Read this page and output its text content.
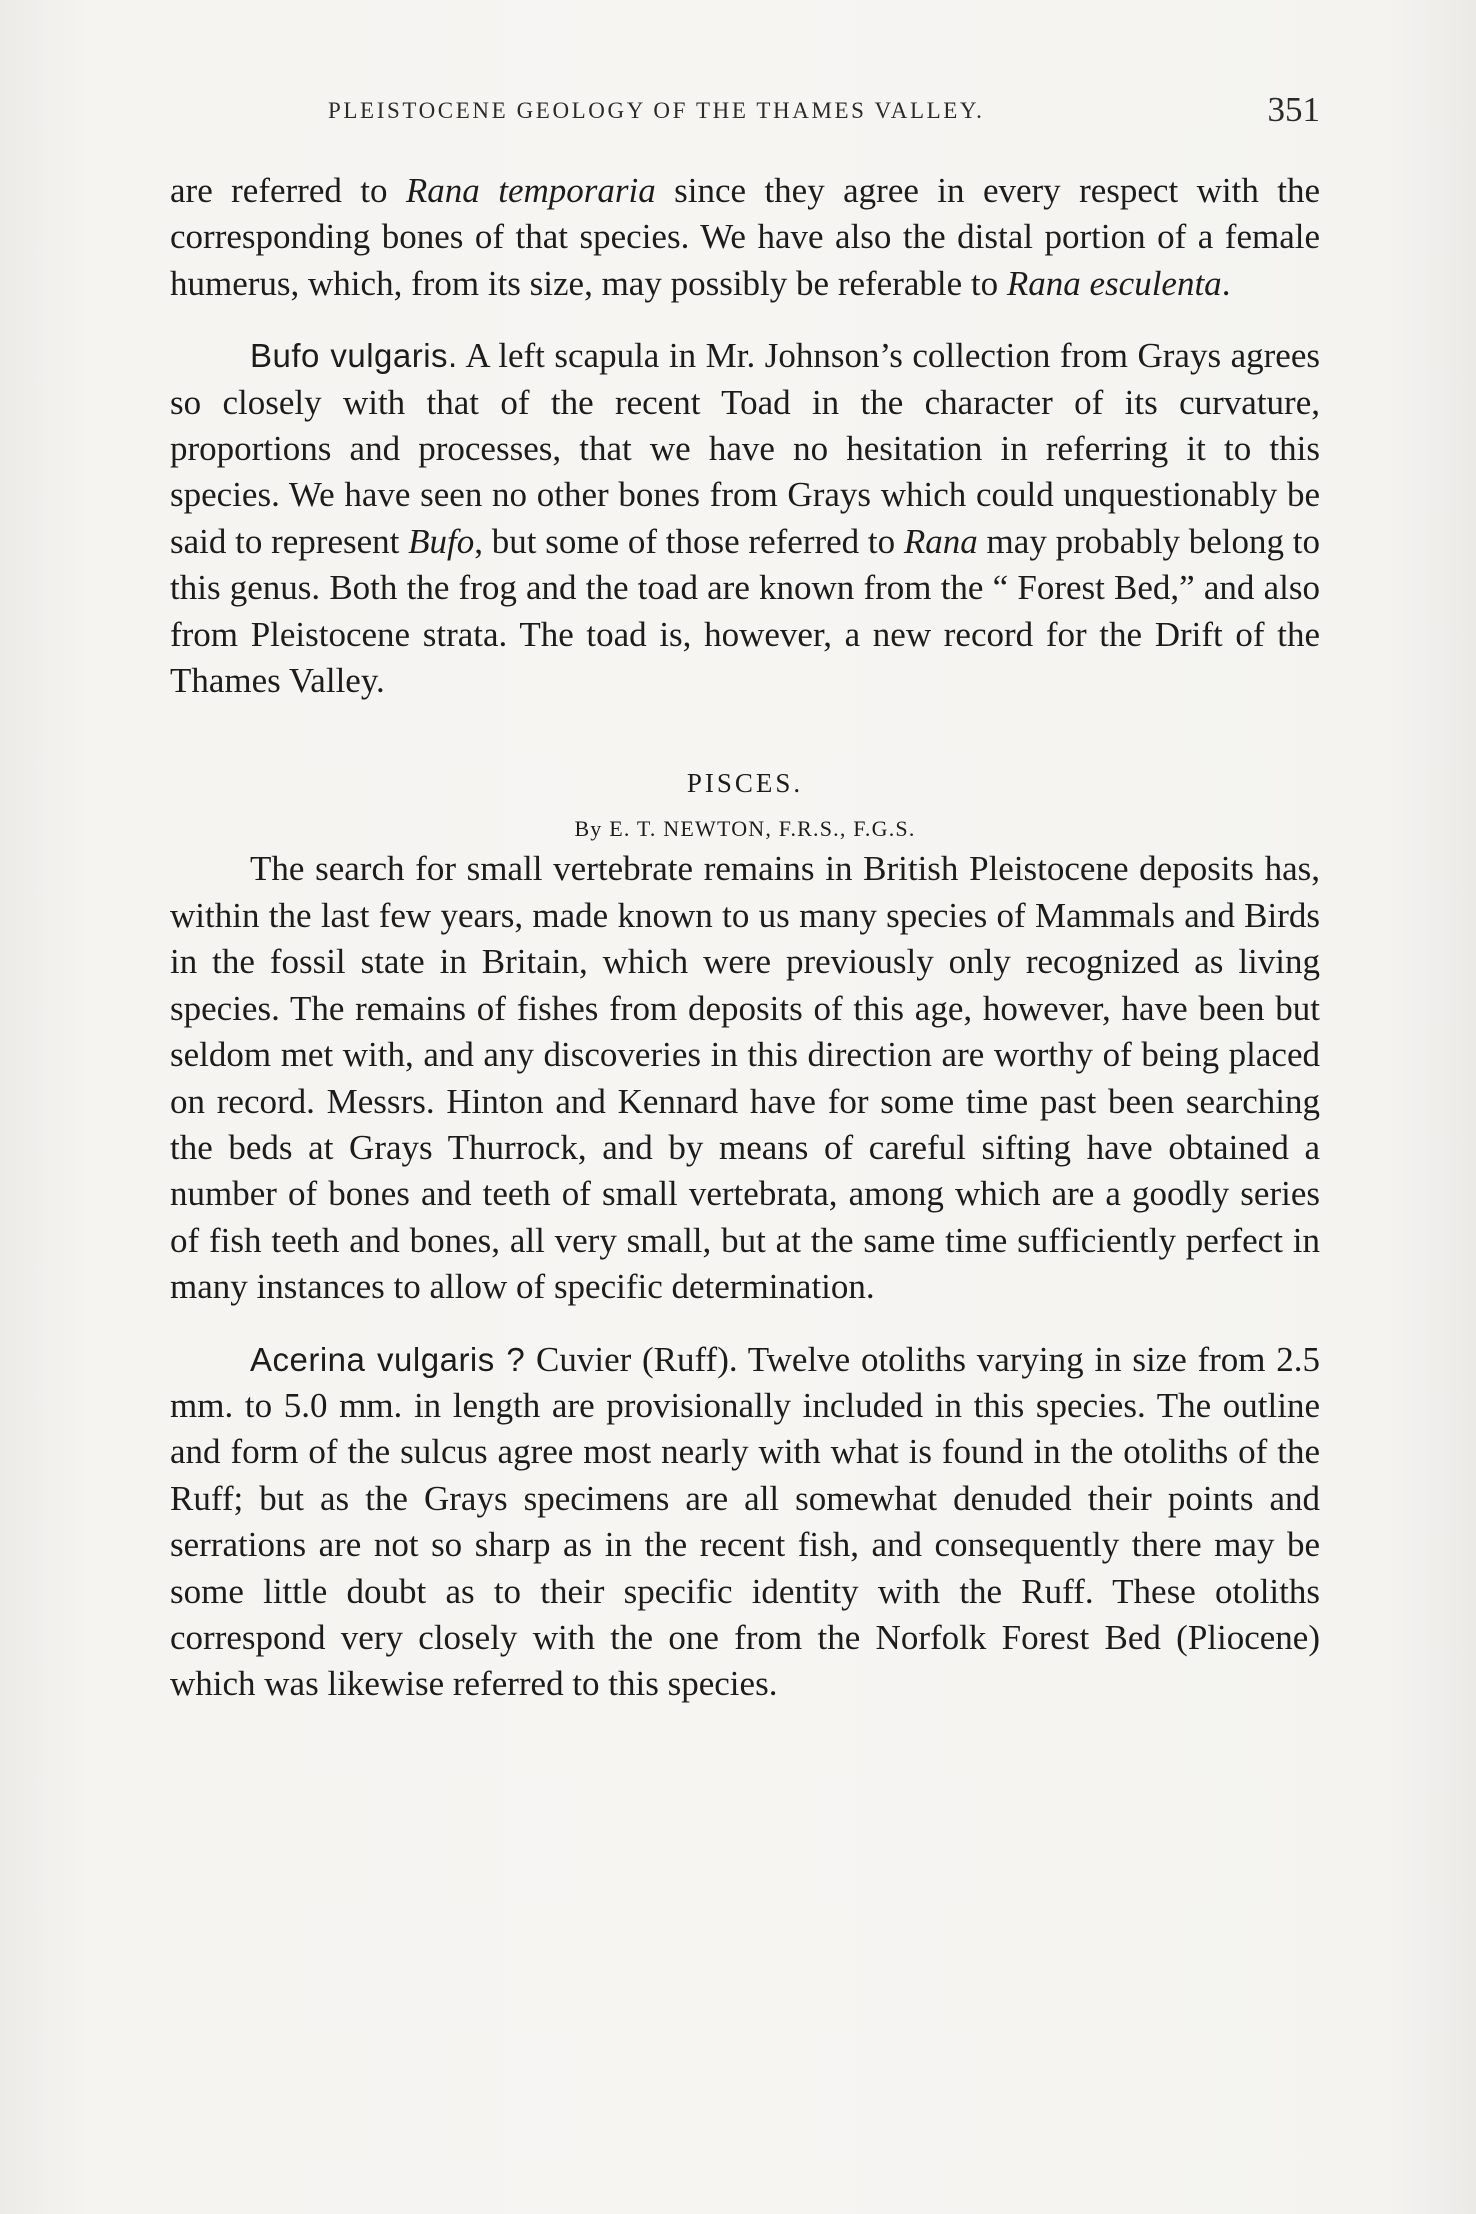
PLEISTOCENE GEOLOGY OF THE THAMES VALLEY.	351

are referred to Rana temporaria since they agree in every respect with the corresponding bones of that species. We have also the distal portion of a female humerus, which, from its size, may possibly be referable to Rana esculenta.

Bufo vulgaris. A left scapula in Mr. Johnson’s collection from Grays agrees so closely with that of the recent Toad in the character of its curvature, proportions and processes, that we have no hesitation in referring it to this species. We have seen no other bones from Grays which could unquestionably be said to represent Bufo, but some of those referred to Rana may probably belong to this genus. Both the frog and the toad are known from the “ Forest Bed,” and also from Pleistocene strata. The toad is, however, a new record for the Drift of the Thames Valley.

PISCES.
By E. T. NEWTON, F.R.S., F.G.S.

The search for small vertebrate remains in British Pleistocene deposits has, within the last few years, made known to us many species of Mammals and Birds in the fossil state in Britain, which were previously only recognized as living species. The remains of fishes from deposits of this age, however, have been but seldom met with, and any discoveries in this direction are worthy of being placed on record. Messrs. Hinton and Kennard have for some time past been searching the beds at Grays Thurrock, and by means of careful sifting have obtained a number of bones and teeth of small vertebrata, among which are a goodly series of fish teeth and bones, all very small, but at the same time sufficiently perfect in many instances to allow of specific determination.

Acerina vulgaris ? Cuvier (Ruff). Twelve otoliths varying in size from 2.5 mm. to 5.0 mm. in length are provisionally included in this species. The outline and form of the sulcus agree most nearly with what is found in the otoliths of the Ruff; but as the Grays specimens are all somewhat denuded their points and serrations are not so sharp as in the recent fish, and consequently there may be some little doubt as to their specific identity with the Ruff. These otoliths correspond very closely with the one from the Norfolk Forest Bed (Pliocene) which was likewise referred to this species.
